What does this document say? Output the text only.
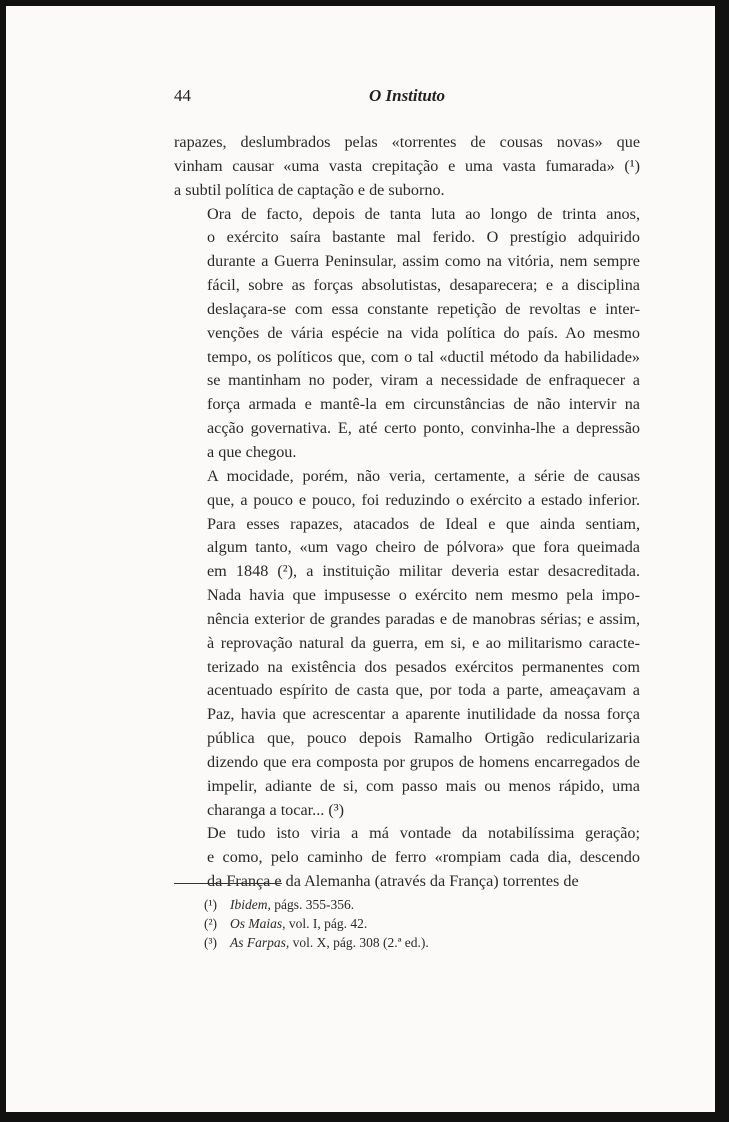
44	O Instituto

rapazes, deslumbrados pelas «torrentes de cousas novas» que
vinham causar «uma vasta crepitação e uma vasta fumarada» (¹)
a subtil política de captação e de suborno.

Ora de facto, depois de tanta luta ao longo de trinta anos,
o exército saíra bastante mal ferido. O prestígio adquirido
durante a Guerra Peninsular, assim como na vitória, nem sempre
fácil, sobre as forças absolutistas, desaparecera; e a disciplina
deslaçara-se com essa constante repetição de revoltas e inter-
venções de vária espécie na vida política do país. Ao mesmo
tempo, os políticos que, com o tal «ductil método da habilidade»
se mantinham no poder, viram a necessidade de enfraquecer a
força armada e mantê-la em circunstâncias de não intervir na
acção governativa. E, até certo ponto, convinha-lhe a depressão
a que chegou.

A mocidade, porém, não veria, certamente, a série de causas
que, a pouco e pouco, foi reduzindo o exército a estado inferior.
Para esses rapazes, atacados de Ideal e que ainda sentiam,
algum tanto, «um vago cheiro de pólvora» que fora queimada
em 1848 (²), a instituição militar deveria estar desacreditada.
Nada havia que impusesse o exército nem mesmo pela impo-
nência exterior de grandes paradas e de manobras sérias; e assim,
à reprovação natural da guerra, em si, e ao militarismo caracte-
terizado na existência dos pesados exércitos permanentes com
acentuado espírito de casta que, por toda a parte, ameaçavam a
Paz, havia que acrescentar a aparente inutilidade da nossa força
pública que, pouco depois Ramalho Ortigão redicularizaria
dizendo que era composta por grupos de homens encarregados de
impelir, adiante de si, com passo mais ou menos rápido, uma
charanga a tocar... (³)

De tudo isto viria a má vontade da notabilíssima geração;
e como, pelo caminho de ferro «rompiam cada dia, descendo
da França e da Alemanha (através da França) torrentes de

(¹) Ibidem, págs. 355-356.
(²) Os Maias, vol. I, pág. 42.
(³) As Farpas, vol. X, pág. 308 (2.ª ed.).
